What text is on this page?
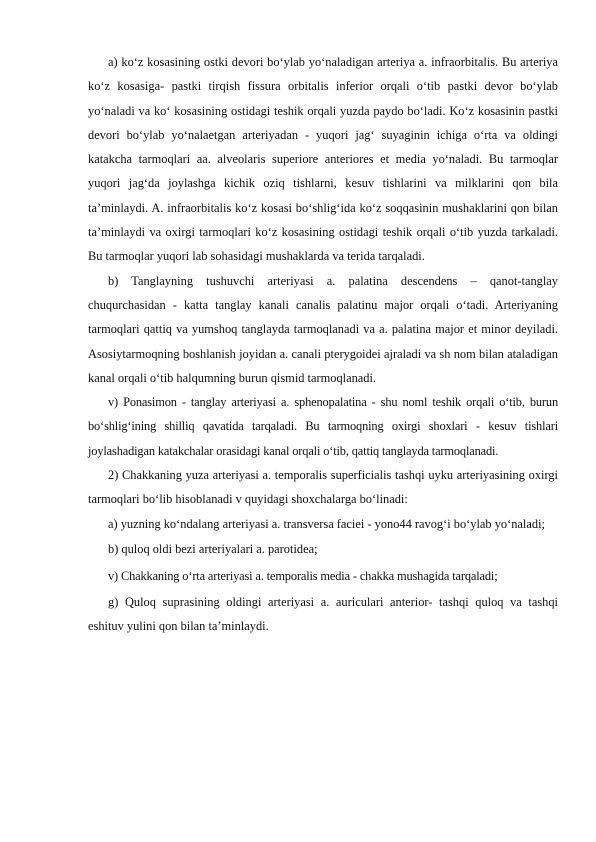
a) ko‘z kosasining ostki devori bo‘ylab yo‘naladigan arteriya a. infraorbitalis. Bu arteriya ko‘z kosasiga- pastki tirqish fissura orbitalis inferior orqali o‘tib pastki devor bo‘ylab yo‘naladi va ko‘ kosasining ostidagi teshik orqali yuzda paydo bo‘ladi. Ko‘z kosasinin pastki devori bo‘ylab yo‘nalaetgan arteriyadan - yuqori jag‘ suyaginin ichiga o‘rta va oldingi katakcha tarmoqlari aa. alveolaris superiore anteriores et media yo‘naladi. Bu tarmoqlar yuqori jag‘da joylashga kichik oziq tishlarni, kesuv tishlarini va milklarini qon bila ta’minlaydi. A. infraorbitalis ko‘z kosasi bo‘shlig‘ida ko‘z soqqasinin mushaklarini qon bilan ta’minlaydi va oxirgi tarmoqlari ko‘z kosasining ostidagi teshik orqali o‘tib yuzda tarkaladi. Bu tarmoqlar yuqori lab sohasidagi mushaklarda va terida tarqaladi.

b) Tanglayning tushuvchi arteriyasi a. palatina descendens – qanot-tanglay chuqurchasidan - katta tanglay kanali canalis palatinu major orqali o‘tadi. Arteriyaning tarmoqlari qattiq va yumshoq tanglayda tarmoqlanadi va a. palatina major et minor deyiladi. Asosiytarmoqning boshlanish joyidan a. canali pterygoidei ajraladi va sh nom bilan ataladigan kanal orqali o‘tib halqumning burun qismid tarmoqlanadi.

v) Ponasimon - tanglay arteriyasi a. sphenopalatina - shu noml teshik orqali o‘tib, burun bo‘shlig‘ining shilliq qavatida tarqaladi. Bu tarmoqning oxirgi shoxlari - kesuv tishlari joylashadigan katakchalar orasidagi kanal orqali o‘tib, qattiq tanglayda tarmoqlanadi.

2) Chakkaning yuza arteriyasi a. temporalis superficialis tashqi uyku arteriyasining oxirgi tarmoqlari bo‘lib hisoblanadi v quyidagi shoxchalarga bo‘linadi:

a) yuzning ko‘ndalang arteriyasi a. transversa faciei - yono44 ravog‘i bo‘ylab yo‘naladi;

b) quloq oldi bezi arteriyalari a. parotidea;

v) Chakkaning o‘rta arteriyasi a. temporalis media - chakka mushagida tarqaladi;

g) Quloq suprasining oldingi arteriyasi a. auriculari anterior- tashqi quloq va tashqi eshituv yulini qon bilan ta’minlaydi.
